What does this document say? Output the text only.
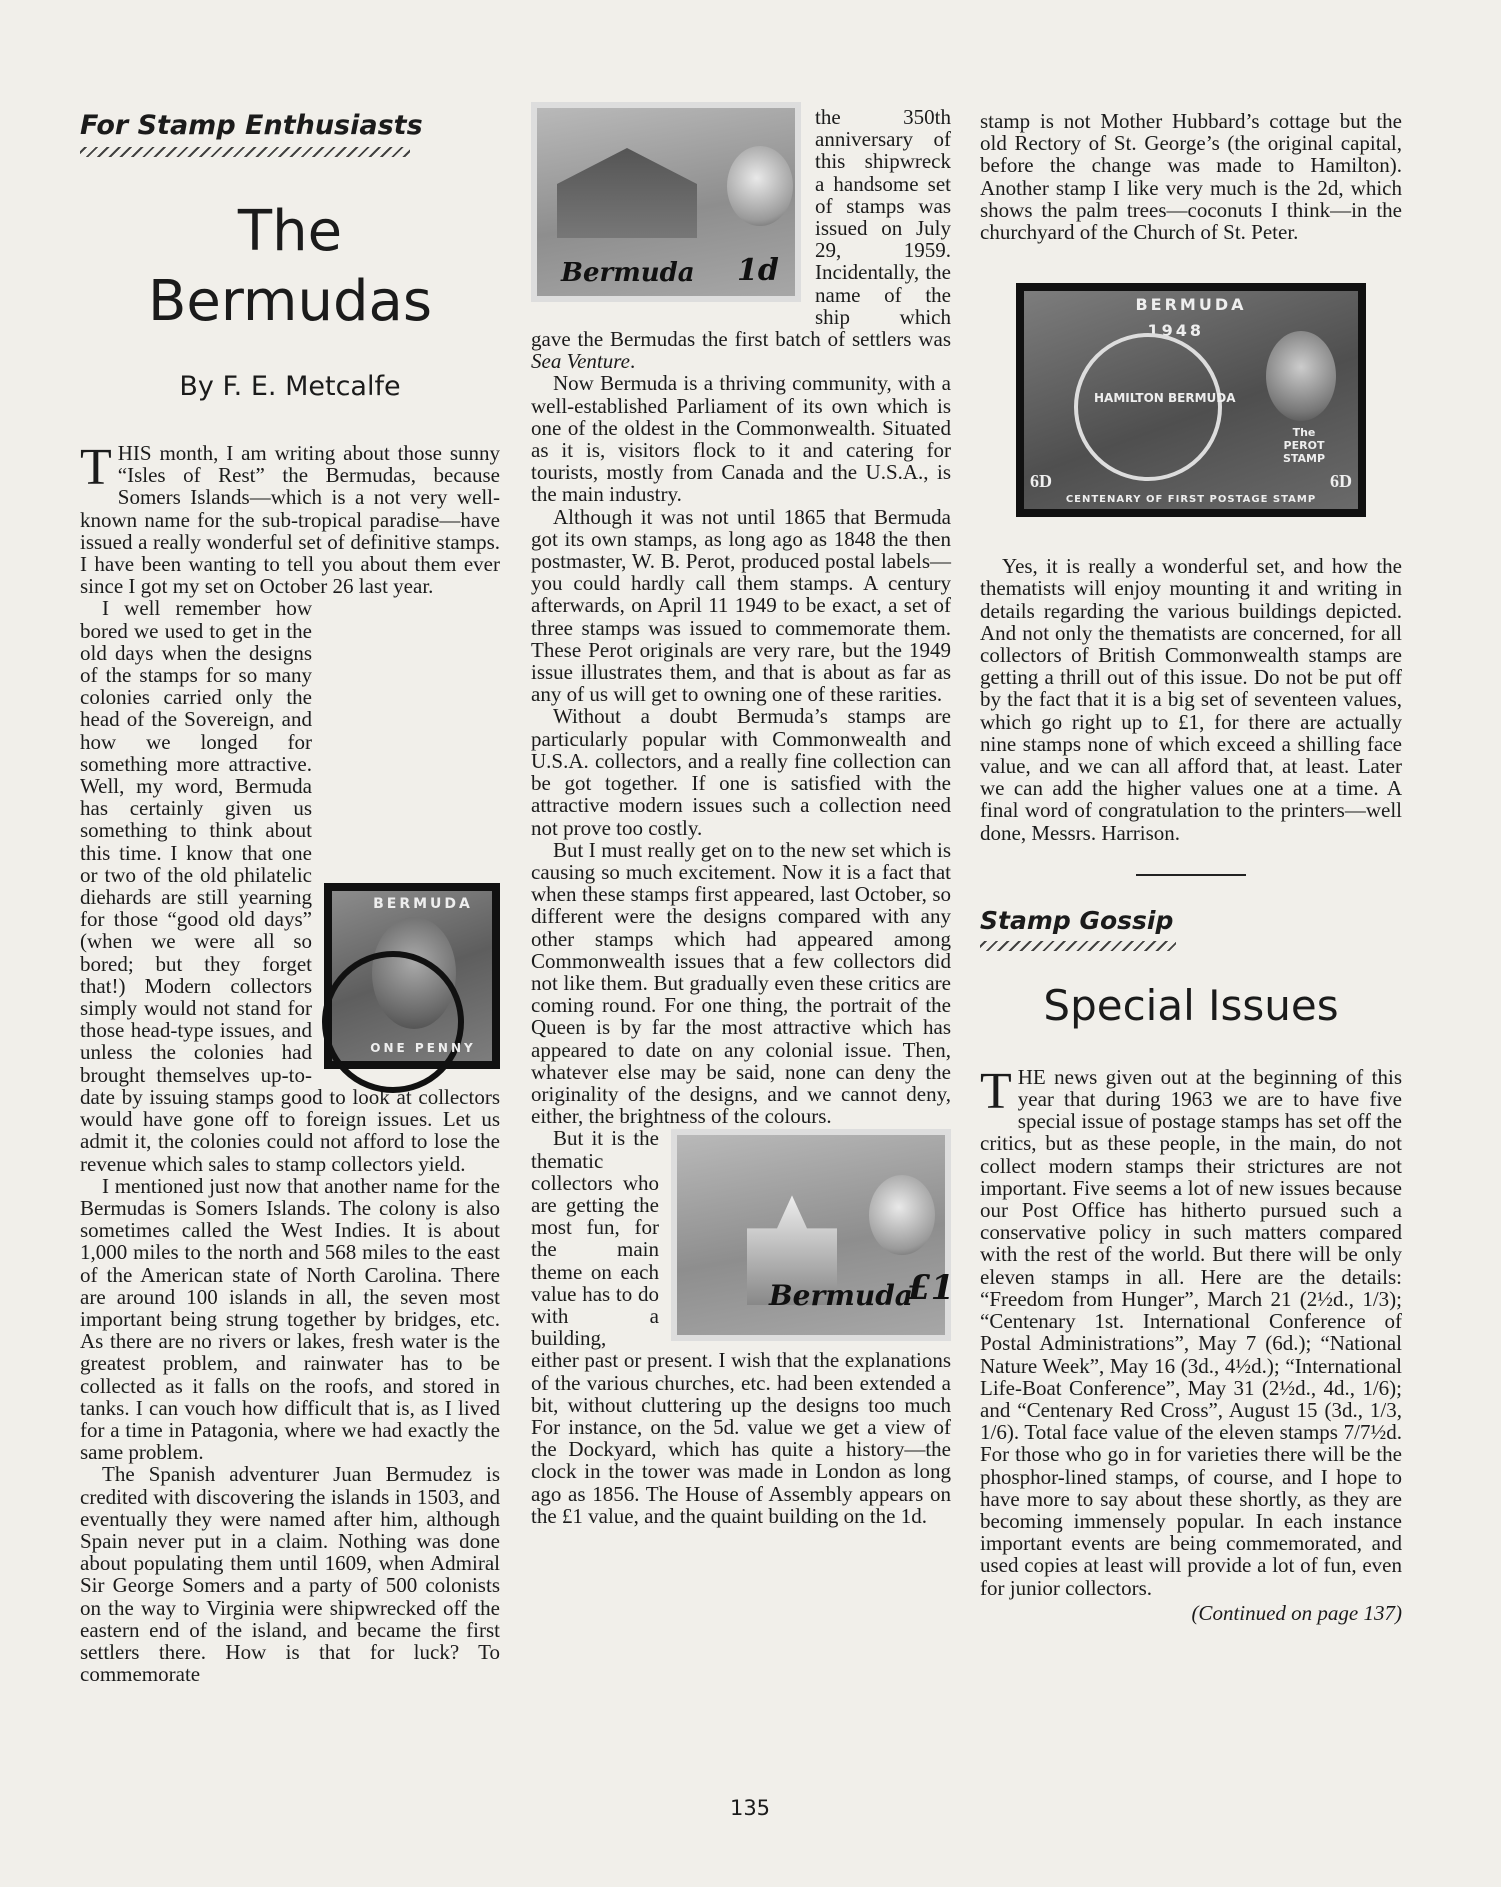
For Stamp Enthusiasts
The
Bermudas
By F. E. Metcalfe

THIS month, I am writing about those sunny “Isles of Rest” the Bermudas, because Somers Islands—which is a not very well-known name for the sub-tropical paradise—have issued a really wonderful set of definitive stamps. I have been wanting to tell you about them ever since I got my set on October 26 last year.

BERMUDA
ONE PENNY
I well remember how bored we used to get in the old days when the designs of the stamps for so many colonies carried only the head of the Sovereign, and how we longed for something more attractive. Well, my word, Bermuda has certainly given us something to think about this time. I know that one or two of the old philatelic diehards are still yearning for those “good old days” (when we were all so bored; but they forget that!) Modern collectors simply would not stand for those head-type issues, and unless the colonies had brought themselves up-to-date by issuing stamps good to look at collectors would have gone off to foreign issues. Let us admit it, the colonies could not afford to lose the revenue which sales to stamp collectors yield.

I mentioned just now that another name for the Bermudas is Somers Islands. The colony is also sometimes called the West Indies. It is about 1,000 miles to the north and 568 miles to the east of the American state of North Carolina. There are around 100 islands in all, the seven most important being strung together by bridges, etc. As there are no rivers or lakes, fresh water is the greatest problem, and rainwater has to be collected as it falls on the roofs, and stored in tanks. I can vouch how difficult that is, as I lived for a time in Patagonia, where we had exactly the same problem.

The Spanish adventurer Juan Bermudez is credited with discovering the islands in 1503, and eventually they were named after him, although Spain never put in a claim. Nothing was done about populating them until 1609, when Admiral Sir George Somers and a party of 500 colonists on the way to Virginia were shipwrecked off the eastern end of the island, and became the first settlers there. How is that for luck? To commemorate

Bermuda 1d

the 350th anniversary of this shipwreck a handsome set of stamps was issued on July 29, 1959. Incidentally, the name of the ship which gave the Bermudas the first batch of settlers was Sea Venture.

Now Bermuda is a thriving community, with a well-established Parliament of its own which is one of the oldest in the Commonwealth. Situated as it is, visitors flock to it and catering for tourists, mostly from Canada and the U.S.A., is the main industry.

Although it was not until 1865 that Bermuda got its own stamps, as long ago as 1848 the then postmaster, W. B. Perot, produced postal labels—you could hardly call them stamps. A century afterwards, on April 11 1949 to be exact, a set of three stamps was issued to commemorate them. These Perot originals are very rare, but the 1949 issue illustrates them, and that is about as far as any of us will get to owning one of these rarities.

Without a doubt Bermuda’s stamps are particularly popular with Commonwealth and U.S.A. collectors, and a really fine collection can be got together. If one is satisfied with the attractive modern issues such a collection need not prove too costly.

But I must really get on to the new set which is causing so much excitement. Now it is a fact that when these stamps first appeared, last October, so different were the designs compared with any other stamps which had appeared among Commonwealth issues that a few collectors did not like them. But gradually even these critics are coming round. For one thing, the portrait of the Queen is by far the most attractive which has appeared to date on any colonial issue. Then, whatever else may be said, none can deny the originality of the designs, and we cannot deny, either, the brightness of the colours.

Bermuda
£1
But it is the thematic collectors who are getting the most fun, for the main theme on each value has to do with a building, either past or present. I wish that the explanations of the various churches, etc. had been extended a bit, without cluttering up the designs too much For instance, on the 5d. value we get a view of the Dockyard, which has quite a history—the clock in the tower was made in London as long ago as 1856. The House of Assembly appears on the £1 value, and the quaint building on the 1d.

stamp is not Mother Hubbard’s cottage but the old Rectory of St. George’s (the original capital, before the change was made to Hamilton). Another stamp I like very much is the 2d, which shows the palm trees—coconuts I think—in the churchyard of the Church of St. Peter.

BERMUDA
1948
HAMILTON BERMUDA
The PEROT STAMP
6D	6D
CENTENARY OF FIRST POSTAGE STAMP

Yes, it is really a wonderful set, and how the thematists will enjoy mounting it and writing in details regarding the various buildings depicted. And not only the thematists are concerned, for all collectors of British Commonwealth stamps are getting a thrill out of this issue. Do not be put off by the fact that it is a big set of seventeen values, which go right up to £1, for there are actually nine stamps none of which exceed a shilling face value, and we can all afford that, at least. Later we can add the higher values one at a time. A final word of congratulation to the printers—well done, Messrs. Harrison.

Stamp Gossip
Special Issues

THE news given out at the beginning of this year that during 1963 we are to have five special issue of postage stamps has set off the critics, but as these people, in the main, do not collect modern stamps their strictures are not important. Five seems a lot of new issues because our Post Office has hitherto pursued such a conservative policy in such matters compared with the rest of the world. But there will be only eleven stamps in all. Here are the details: “Freedom from Hunger”, March 21 (2½d., 1/3); “Centenary 1st. International Conference of Postal Administrations”, May 7 (6d.); “National Nature Week”, May 16 (3d., 4½d.); “International Life-Boat Conference”, May 31 (2½d., 4d., 1/6); and “Centenary Red Cross”, August 15 (3d., 1/3, 1/6). Total face value of the eleven stamps 7/7½d. For those who go in for varieties there will be the phosphor-lined stamps, of course, and I hope to have more to say about these shortly, as they are becoming immensely popular. In each instance important events are being commemorated, and used copies at least will provide a lot of fun, even for junior collectors.

(Continued on page 137)
135
